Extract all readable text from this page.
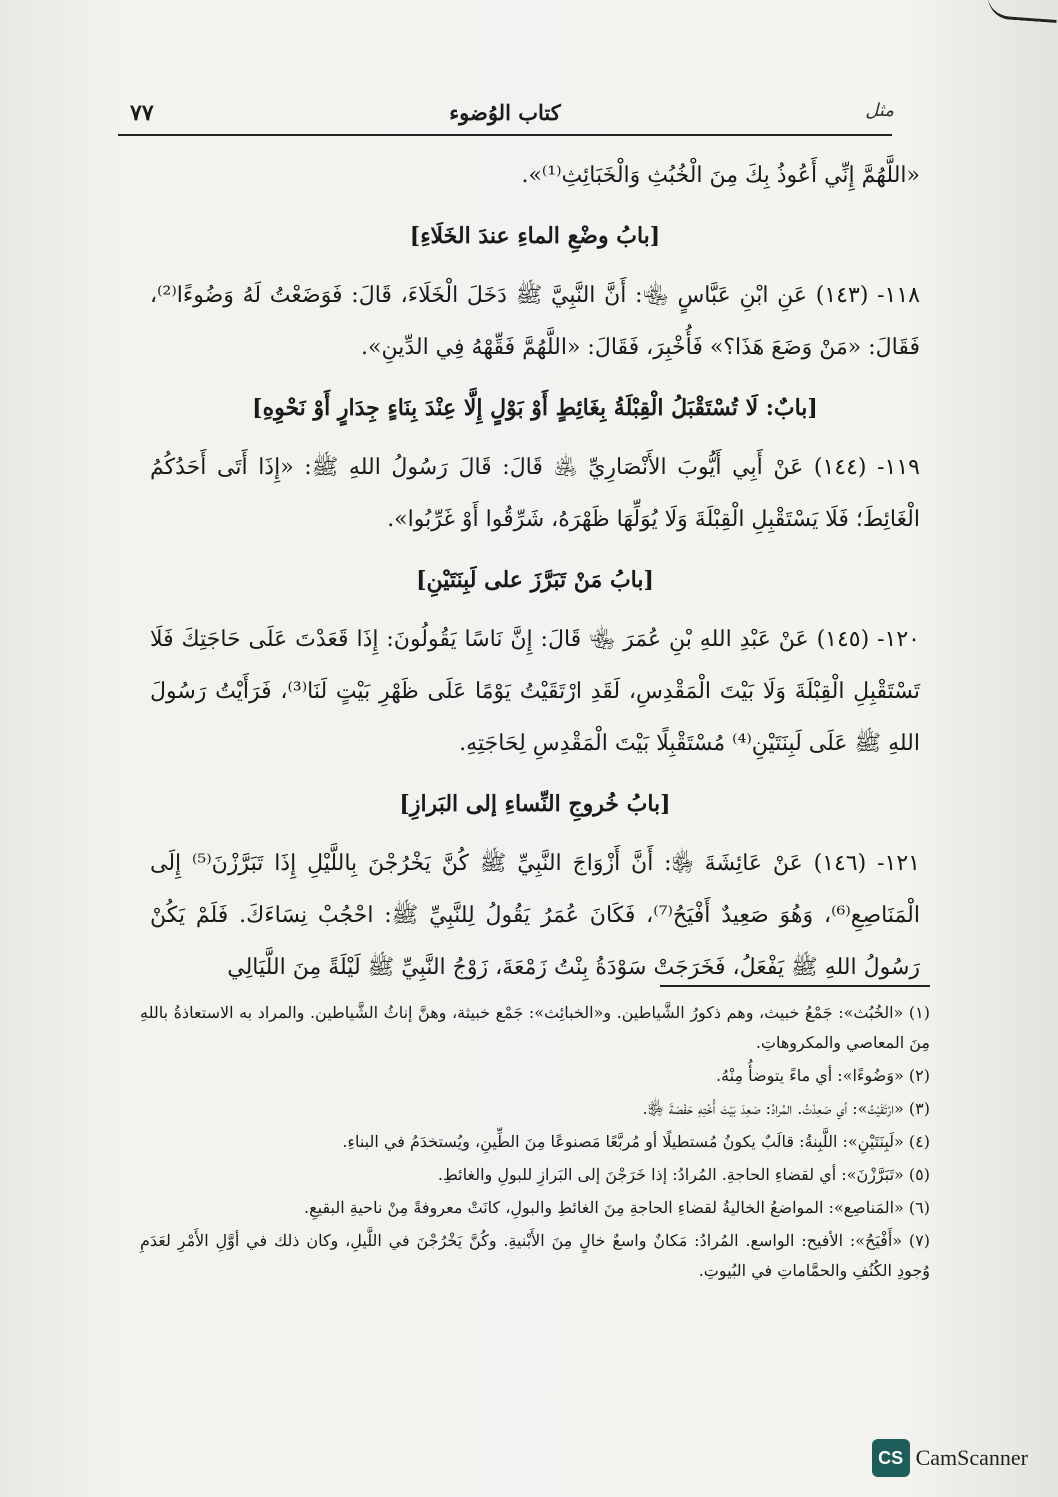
مثل
كتاب الوُضوء
٧٧

«اللَّهُمَّ إِنِّي أَعُوذُ بِكَ مِنَ الْخُبُثِ وَالْخَبَائِثِ⁽¹⁾».

[بابُ وضْعِ الماءِ عندَ الخَلَاءِ]

١١٨- (١٤٣) عَنِ ابْنِ عَبَّاسٍ ﵄: أَنَّ النَّبِيَّ ﷺ دَخَلَ الْخَلَاءَ، قَالَ: فَوَضَعْتُ لَهُ وَضُوءًا⁽²⁾، فَقَالَ: «مَنْ وَضَعَ هَذَا؟» فَأُخْبِرَ، فَقَالَ: «اللَّهُمَّ فَقِّهْهُ فِي الدِّينِ».

[بابٌ: لَا تُسْتَقْبَلُ الْقِبْلَةُ بِغَائِطٍ أَوْ بَوْلٍ إِلَّا عِنْدَ بِنَاءٍ جِدَارٍ أَوْ نَحْوِهِ]

١١٩- (١٤٤) عَنْ أَبِي أَيُّوبَ الأَنْصَارِيِّ ﵁ قَالَ: قَالَ رَسُولُ اللهِ ﷺ: «إِذَا أَتَى أَحَدُكُمُ الْغَائِطَ؛ فَلَا يَسْتَقْبِلِ الْقِبْلَةَ وَلَا يُوَلِّهَا ظَهْرَهُ، شَرِّقُوا أَوْ غَرِّبُوا».

[بابُ مَنْ تَبَرَّزَ على لَبِنَتَيْنِ]

١٢٠- (١٤٥) عَنْ عَبْدِ اللهِ بْنِ عُمَرَ ﵄ قَالَ: إِنَّ نَاسًا يَقُولُونَ: إِذَا قَعَدْتَ عَلَى حَاجَتِكَ فَلَا تَسْتَقْبِلِ الْقِبْلَةَ وَلَا بَيْتَ الْمَقْدِسِ، لَقَدِ ارْتَقَيْتُ يَوْمًا عَلَى ظَهْرِ بَيْتٍ لَنَا⁽³⁾، فَرَأَيْتُ رَسُولَ اللهِ ﷺ عَلَى لَبِنَتَيْنِ⁽⁴⁾ مُسْتَقْبِلًا بَيْتَ الْمَقْدِسِ لِحَاجَتِهِ.

[بابُ خُروجِ النِّساءِ إلى البَرازِ]

١٢١- (١٤٦) عَنْ عَائِشَةَ ﵂: أَنَّ أَزْوَاجَ النَّبِيِّ ﷺ كُنَّ يَخْرُجْنَ بِاللَّيْلِ إِذَا تَبَرَّزْنَ⁽⁵⁾ إِلَى الْمَنَاصِعِ⁽⁶⁾، وَهُوَ صَعِيدٌ أَفْيَحُ⁽⁷⁾، فَكَانَ عُمَرُ يَقُولُ لِلنَّبِيِّ ﷺ: احْجُبْ نِسَاءَكَ. فَلَمْ يَكُنْ رَسُولُ اللهِ ﷺ يَفْعَلُ، فَخَرَجَتْ سَوْدَةُ بِنْتُ زَمْعَةَ، زَوْجُ النَّبِيِّ ﷺ لَيْلَةً مِنَ اللَّيَالِي

(١) «الخُبُث»: جَمْعُ خبيث، وهم ذكورُ الشَّياطين. و«الخبائِث»: جَمْع خبيثة، وهنَّ إناثُ الشَّياطين. والمراد به الاستعاذةُ باللهِ مِنَ المعاصي والمكروهاتِ.

(٢) «وَضُوءًا»: أي ماءً يتوضأُ مِنْهُ.

(٣) «ارْتَقَيْتُ»: أي صَعِدْتُ. المُرادُ: صَعِدَ بَيْتَ أُخْتِهِ حَفْصَةَ ﵂.

(٤) «لَبِنَتَيْنِ»: اللَّبِنةُ: قالَبٌ يكونُ مُستطيلًا أو مُربَّعًا مَصنوعًا مِنَ الطِّينِ، ويُستخدَمُ في البناءِ.

(٥) «تَبَرَّزْنَ»: أي لقضاءِ الحاجةِ. المُرادُ: إذا خَرَجْنَ إلى البَرازِ للبولِ والغائطِ.

(٦) «المَناصِع»: المواضعُ الخاليةُ لقضاءِ الحاجةِ مِنَ الغائطِ والبولِ، كانَتْ معروفةً مِنْ ناحيةِ البقيعِ.

(٧) «أَفْيَحُ»: الأفيح: الواسع. المُرادُ: مَكانٌ واسعٌ خالٍ مِنَ الأَبْنيةِ. وكُنَّ يَخْرُجْنَ في اللَّيلِ، وكان ذلك في أوَّلِ الأَمْرِ لعَدَمِ وُجودِ الكُنُفِ والحمَّاماتِ في البُيوتِ.

CS CamScanner
